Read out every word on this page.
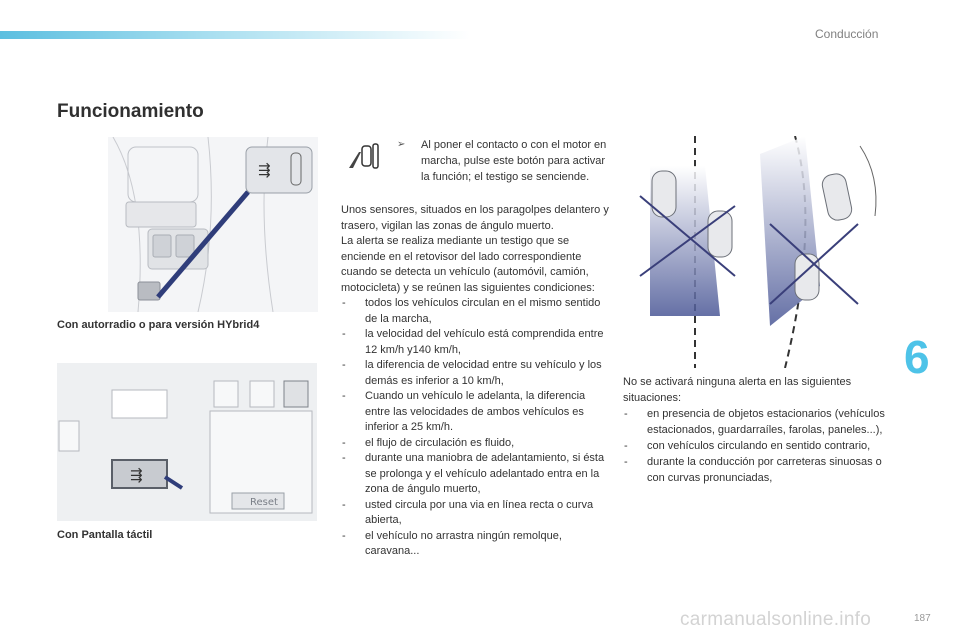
Conducción
Funcionamiento
⇶
Con autorradio o para versión HYbrid4
⇶
Reset
Con Pantalla táctil
➢	Al poner el contacto o con el motor en marcha, pulse este botón para activar la función; el testigo se senciende.

Unos sensores, situados en los paragolpes delantero y trasero, vigilan las zonas de ángulo muerto.

La alerta se realiza mediante un testigo que se enciende en el retovisor del lado correspondiente cuando se detecta un vehículo (automóvil, camión, motocicleta) y se reúnen las siguientes condiciones:

- todos los vehículos circulan en el mismo sentido de la marcha,
- la velocidad del vehículo está comprendida entre 12 km/h y140 km/h,
- la diferencia de velocidad entre su vehículo y los demás es inferior a 10 km/h,
- Cuando un vehículo le adelanta, la diferencia entre las velocidades de ambos vehículos es inferior a 25 km/h.
- el flujo de circulación es fluido,
- durante una maniobra de adelantamiento, si ésta se prolonga y el vehículo adelantado entra en la zona de ángulo muerto,
- usted circula por una via en línea recta o curva abierta,
- el vehículo no arrastra ningún remolque, caravana...

No se activará ninguna alerta en las siguientes situaciones:

- en presencia de objetos estacionarios (vehículos estacionados, guardarraíles, farolas, paneles...),
- con vehículos circulando en sentido contrario,
- durante la conducción por carreteras sinuosas o con curvas pronunciadas,
6
carmanualsonline.info	187
